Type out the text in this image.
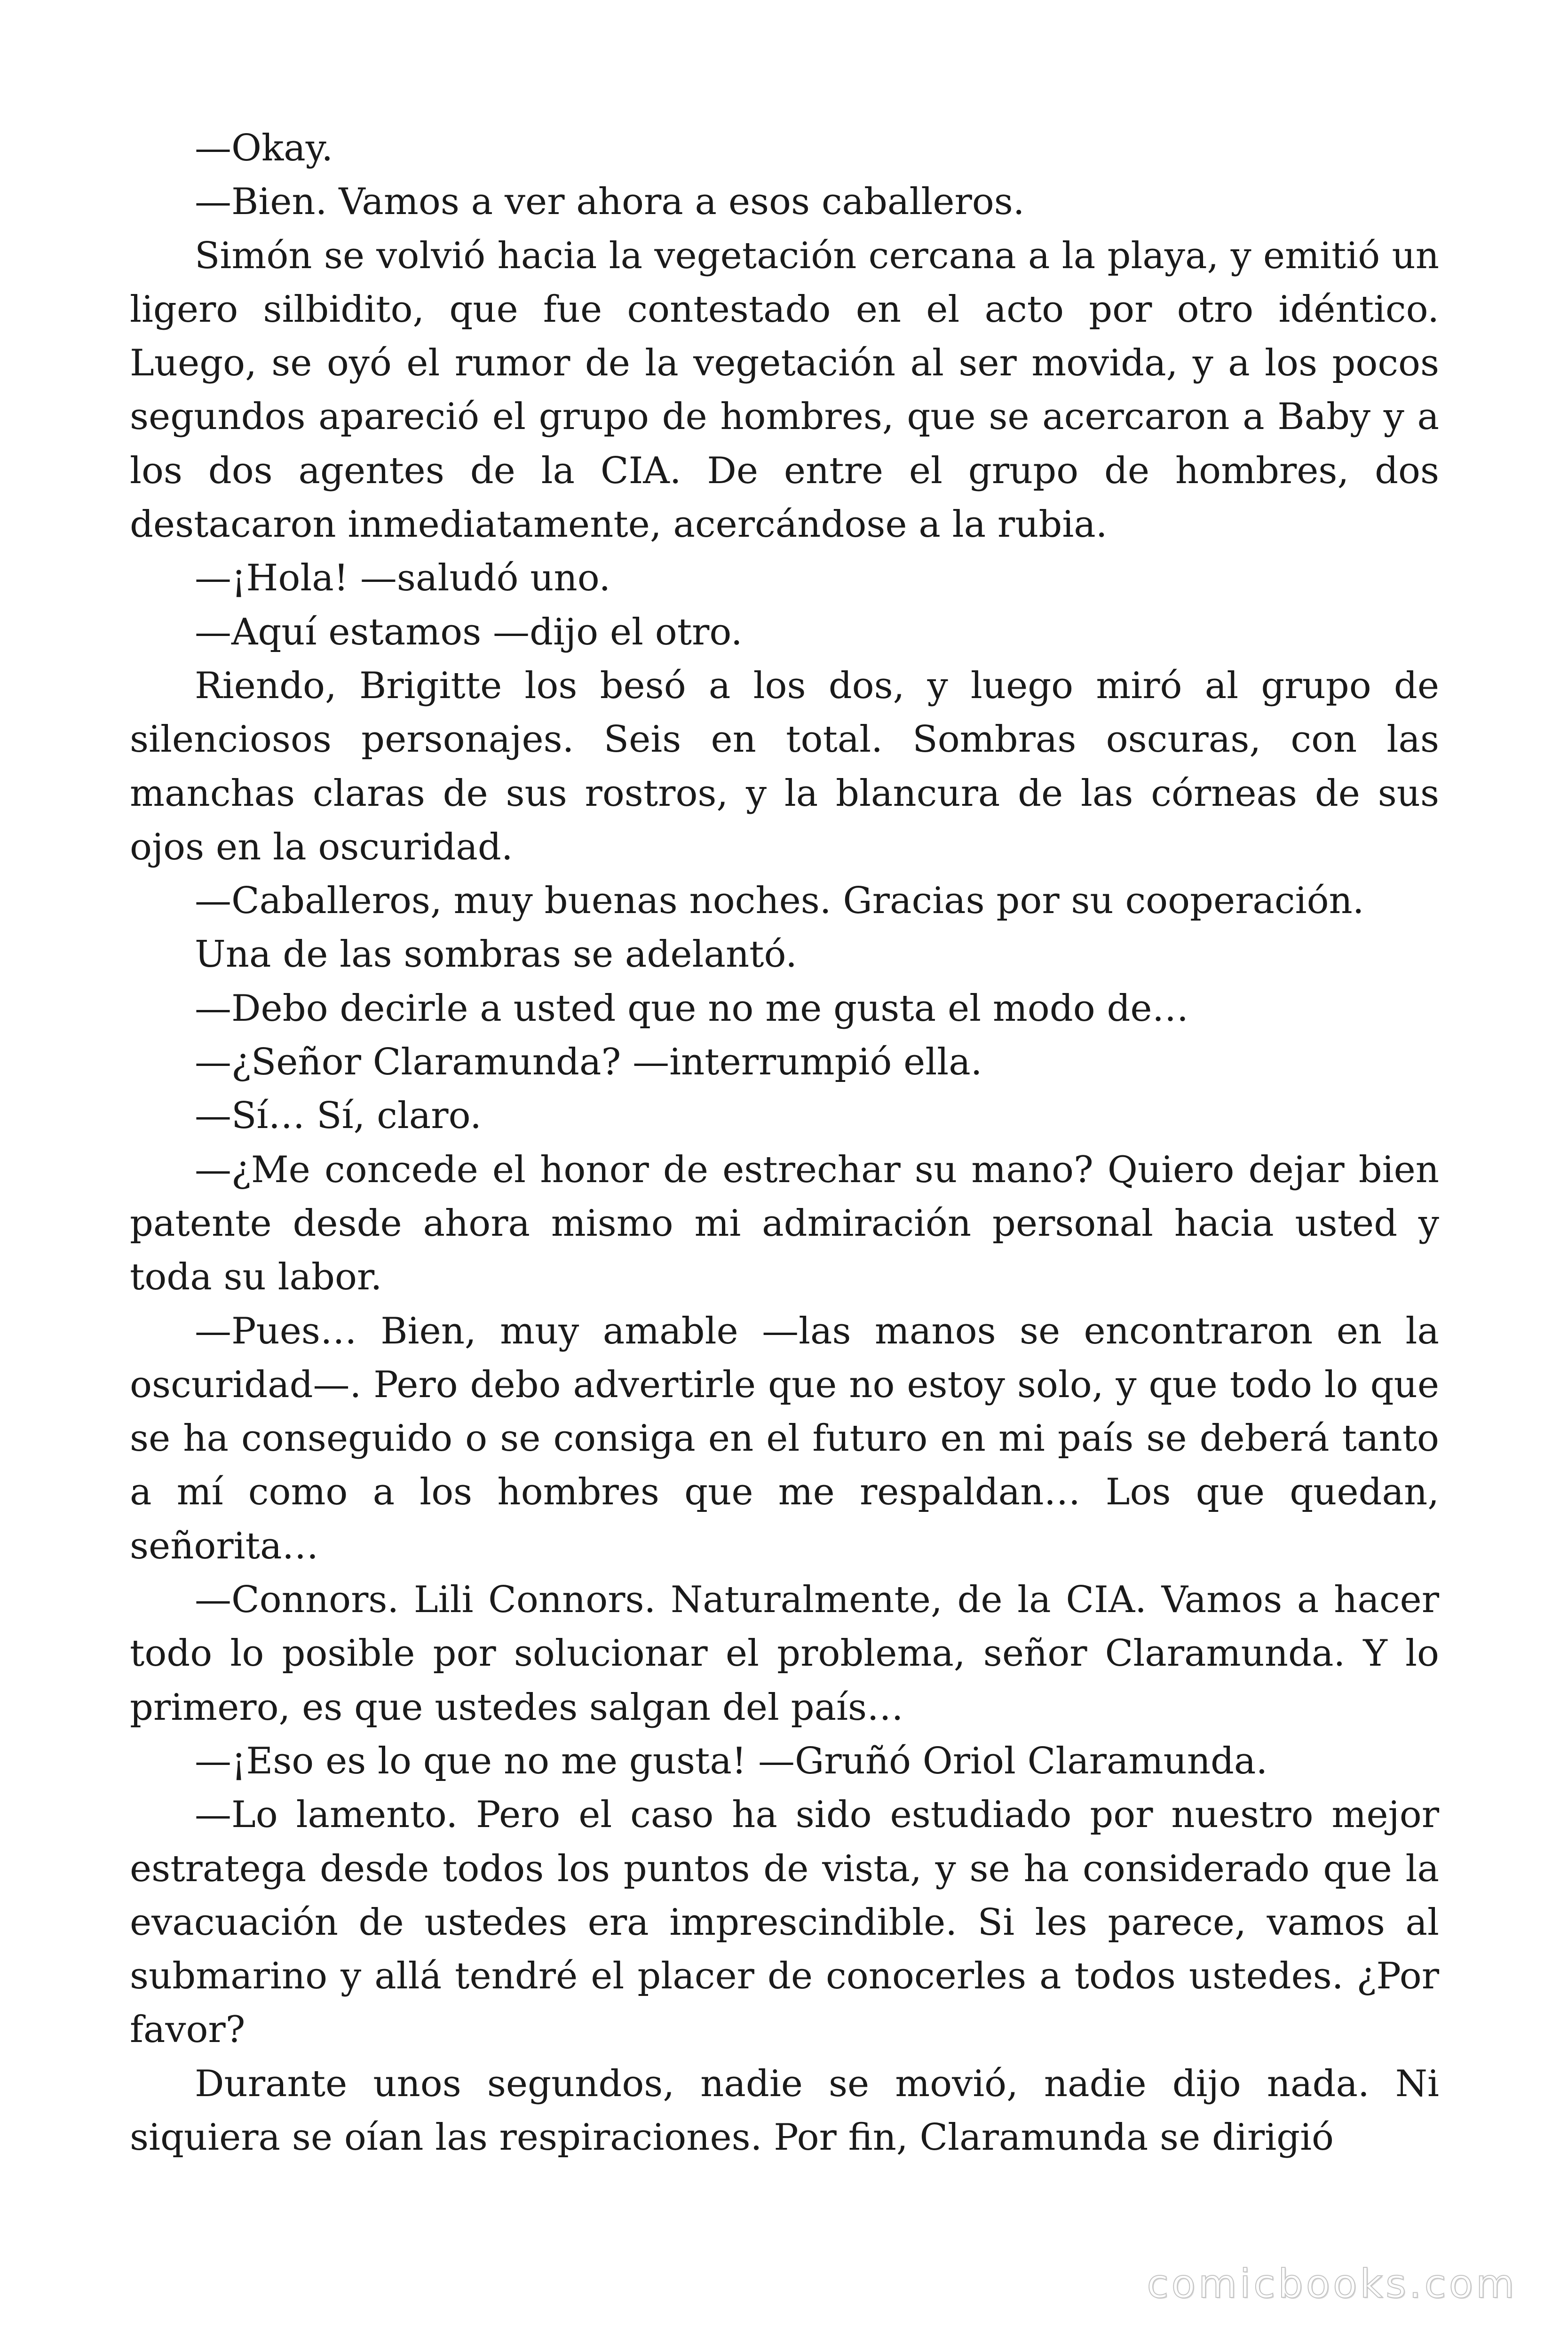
—Okay.

—Bien. Vamos a ver ahora a esos caballeros.

Simón se volvió hacia la vegetación cercana a la playa, y emitió un ligero silbidito, que fue contestado en el acto por otro idéntico. Luego, se oyó el rumor de la vegetación al ser movida, y a los pocos segundos apareció el grupo de hombres, que se acercaron a Baby y a los dos agentes de la CIA. De entre el grupo de hombres, dos destacaron inmediatamente, acercándose a la rubia.

—¡Hola! —saludó uno.

—Aquí estamos —dijo el otro.

Riendo, Brigitte los besó a los dos, y luego miró al grupo de silenciosos personajes. Seis en total. Sombras oscuras, con las manchas claras de sus rostros, y la blancura de las córneas de sus ojos en la oscuridad.

—Caballeros, muy buenas noches. Gracias por su cooperación.

Una de las sombras se adelantó.

—Debo decirle a usted que no me gusta el modo de…

—¿Señor Claramunda? —interrumpió ella.

—Sí… Sí, claro.

—¿Me concede el honor de estrechar su mano? Quiero dejar bien patente desde ahora mismo mi admiración personal hacia usted y toda su labor.

—Pues… Bien, muy amable —las manos se encontraron en la oscuridad—. Pero debo advertirle que no estoy solo, y que todo lo que se ha conseguido o se consiga en el futuro en mi país se deberá tanto a mí como a los hombres que me respaldan… Los que quedan, señorita…

—Connors. Lili Connors. Naturalmente, de la CIA. Vamos a hacer todo lo posible por solucionar el problema, señor Claramunda. Y lo primero, es que ustedes salgan del país…

—¡Eso es lo que no me gusta! —Gruñó Oriol Claramunda.

—Lo lamento. Pero el caso ha sido estudiado por nuestro mejor estratega desde todos los puntos de vista, y se ha considerado que la evacuación de ustedes era imprescindible. Si les parece, vamos al submarino y allá tendré el placer de conocerles a todos ustedes. ¿Por favor?

Durante unos segundos, nadie se movió, nadie dijo nada. Ni siquiera se oían las respiraciones. Por fin, Claramunda se dirigió

comicbooks.com
